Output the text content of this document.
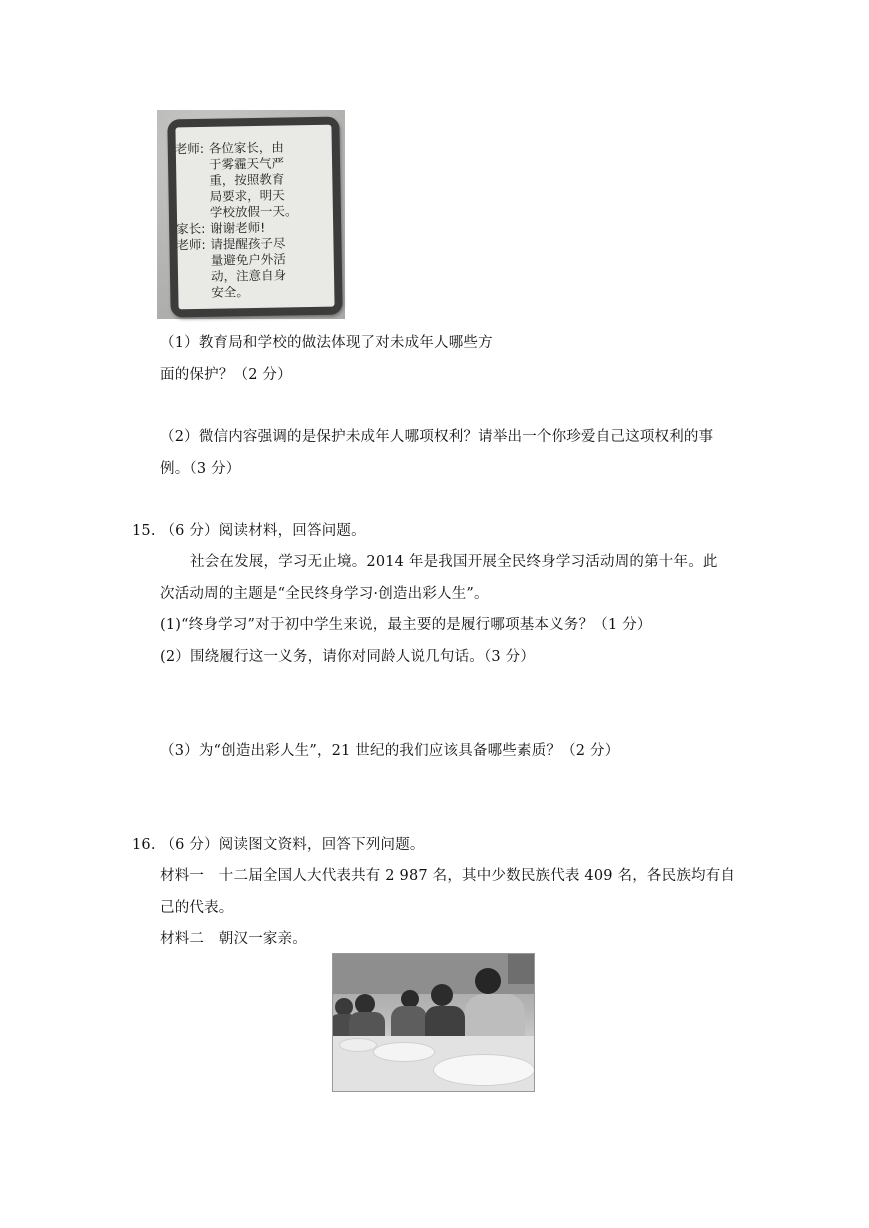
老师: 各位家长，由
于雾霾天气严
重，按照教育
局要求，明天
学校放假一天。
家长: 谢谢老师!
老师: 请提醒孩子尽
量避免户外活
动，注意自身
安全。
（1）教育局和学校的做法体现了对未成年人哪些方
面的保护？（2 分）
（2）微信内容强调的是保护未成年人哪项权利？请举出一个你珍爱自己这项权利的事
例。（3 分）
15. （6 分）阅读材料，回答问题。
社会在发展，学习无止境。2014 年是我国开展全民终身学习活动周的第十年。此
次活动周的主题是“全民终身学习·创造出彩人生”。
(1)“终身学习”对于初中学生来说，最主要的是履行哪项基本义务？（1 分）
(2）围绕履行这一义务，请你对同龄人说几句话。（3 分）
（3）为“创造出彩人生”，21 世纪的我们应该具备哪些素质？（2 分）
16. （6 分）阅读图文资料，回答下列问题。
材料一　十二届全国人大代表共有 2 987 名，其中少数民族代表 409 名，各民族均有自
己的代表。
材料二　朝汉一家亲。
